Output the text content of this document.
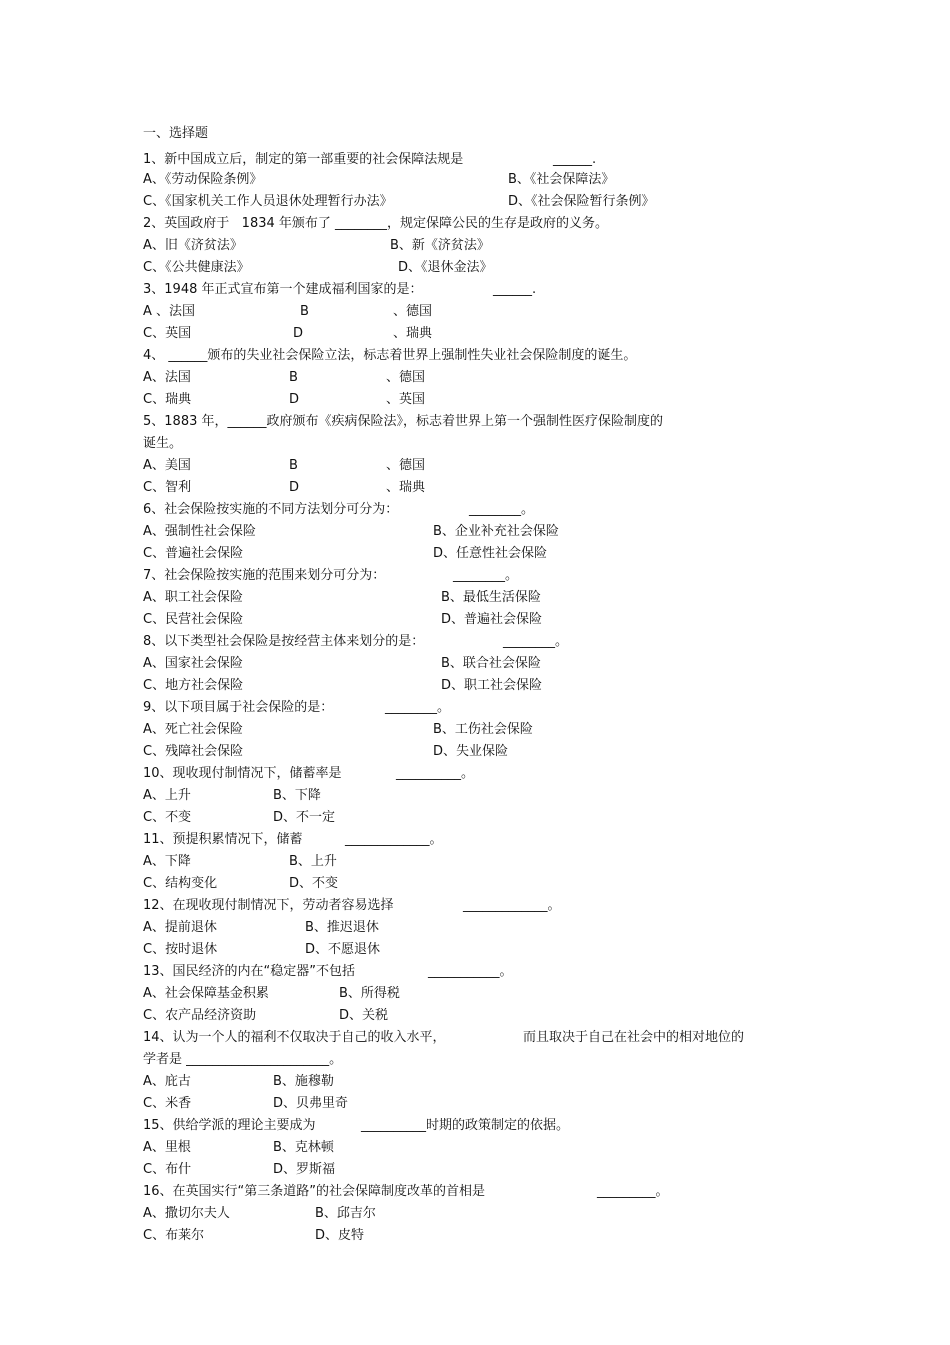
一、选择题
1、新中国成立后，制定的第一部重要的社会保障法规是	______.
A、《劳动保险条例》	B、《社会保障法》
C、《国家机关工作人员退休处理暂行办法》	D、《社会保险暂行条例》
2、英国政府于   1834 年颁布了 ________，规定保障公民的生存是政府的义务。
A、旧《济贫法》	B、新《济贫法》
C、《公共健康法》	D、《退休金法》
3、1948 年正式宣布第一个建成福利国家的是：	______.
A 、法国	B	、德国
C、英国	D	、瑞典
4、 ______颁布的失业社会保险立法，标志着世界上强制性失业社会保险制度的诞生。
A、法国	B	、德国
C、瑞典	D	、英国
5、1883 年，______政府颁布《疾病保险法》，标志着世界上第一个强制性医疗保险制度的
诞生。
A、美国	B	、德国
C、智利	D	、瑞典
6、社会保险按实施的不同方法划分可分为：	________。
A、强制性社会保险	B、企业补充社会保险
C、普遍社会保险	D、任意性社会保险
7、社会保险按实施的范围来划分可分为：	________。
A、职工社会保险	B、最低生活保险
C、民营社会保险	D、普遍社会保险
8、以下类型社会保险是按经营主体来划分的是：	________。
A、国家社会保险	B、联合社会保险
C、地方社会保险	D、职工社会保险
9、以下项目属于社会保险的是：	________。
A、死亡社会保险	B、工伤社会保险
C、残障社会保险	D、失业保险
10、现收现付制情况下，储蓄率是	__________。
A、上升	B、下降
C、不变	D、不一定
11、预提积累情况下，储蓄	_____________。
A、下降	B、上升
C、结构变化	D、不变
12、在现收现付制情况下，劳动者容易选择	_____________。
A、提前退休	B、推迟退休
C、按时退休	D、不愿退休
13、国民经济的内在“稳定器”不包括	___________。
A、社会保障基金积累	B、所得税
C、农产品经济资助	D、关税
14、认为一个人的福利不仅取决于自己的收入水平，	而且取决于自己在社会中的相对地位的
学者是 ______________________。
A、庇古	B、施穆勒
C、米香	D、贝弗里奇
15、供给学派的理论主要成为	__________时期的政策制定的依据。
A、里根	B、克林顿
C、布什	D、罗斯福
16、在英国实行“第三条道路”的社会保障制度改革的首相是	_________。
A、撒切尔夫人	B、邱吉尔
C、布莱尔	D、皮特
